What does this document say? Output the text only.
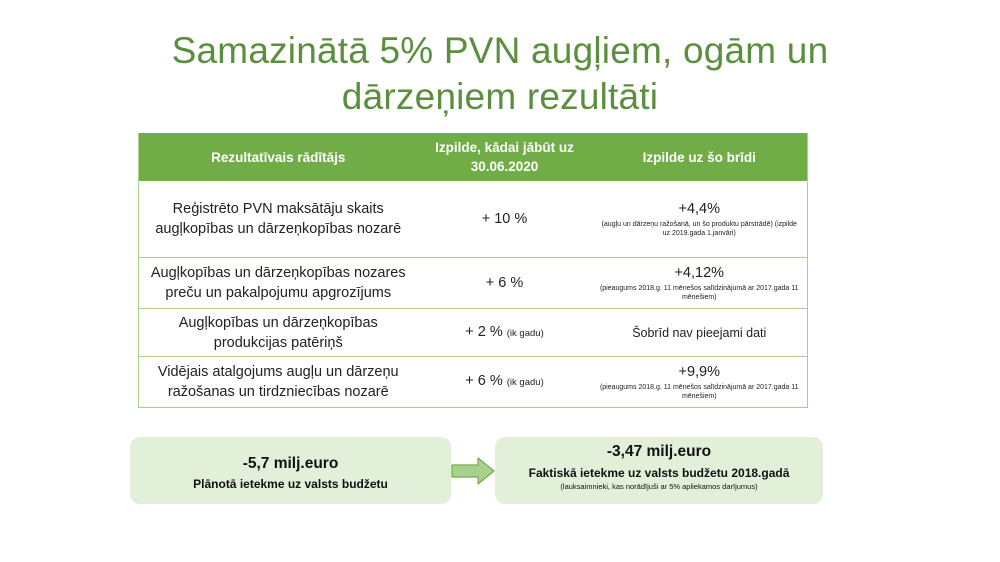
Samazinātā 5% PVN augļiem, ogām un
dārzeņiem rezultāti
Rezultatīvais rādītājs	Izpilde, kādai jābūt uz 30.06.2020	Izpilde uz šo brīdi
Reģistrēto PVN maksātāju skaits augļkopības un dārzeņkopības nozarē	+ 10 %	+4,4%
(augļu un dārzeņu ražošanā, un šo produktu pārstrādē) (izpilde uz 2019.gada 1.janvāri)

Augļkopības un dārzeņkopības nozares preču un pakalpojumu apgrozījums	+ 6 %	+4,12%
(pieaugums 2018.g. 11 mēnešos salīdzinājumā ar 2017.gada 11 mēnešiem)

Augļkopības un dārzeņkopības produkcijas patēriņš	+ 2 % (ik gadu)	Šobrīd nav pieejami dati
Vidējais atalgojums augļu un dārzeņu ražošanas un tirdzniecības nozarē	+ 6 % (ik gadu)	+9,9%
(pieaugums 2018.g. 11 mēnešos salīdzinājumā ar 2017.gada 11 mēnešiem)
-5,7 milj.euro
Plānotā ietekme uz valsts budžetu
-3,47 milj.euro
Faktiskā ietekme uz valsts budžetu 2018.gadā
(lauksaimnieki, kas norādījuši ar 5% apliekamos darījumus)
